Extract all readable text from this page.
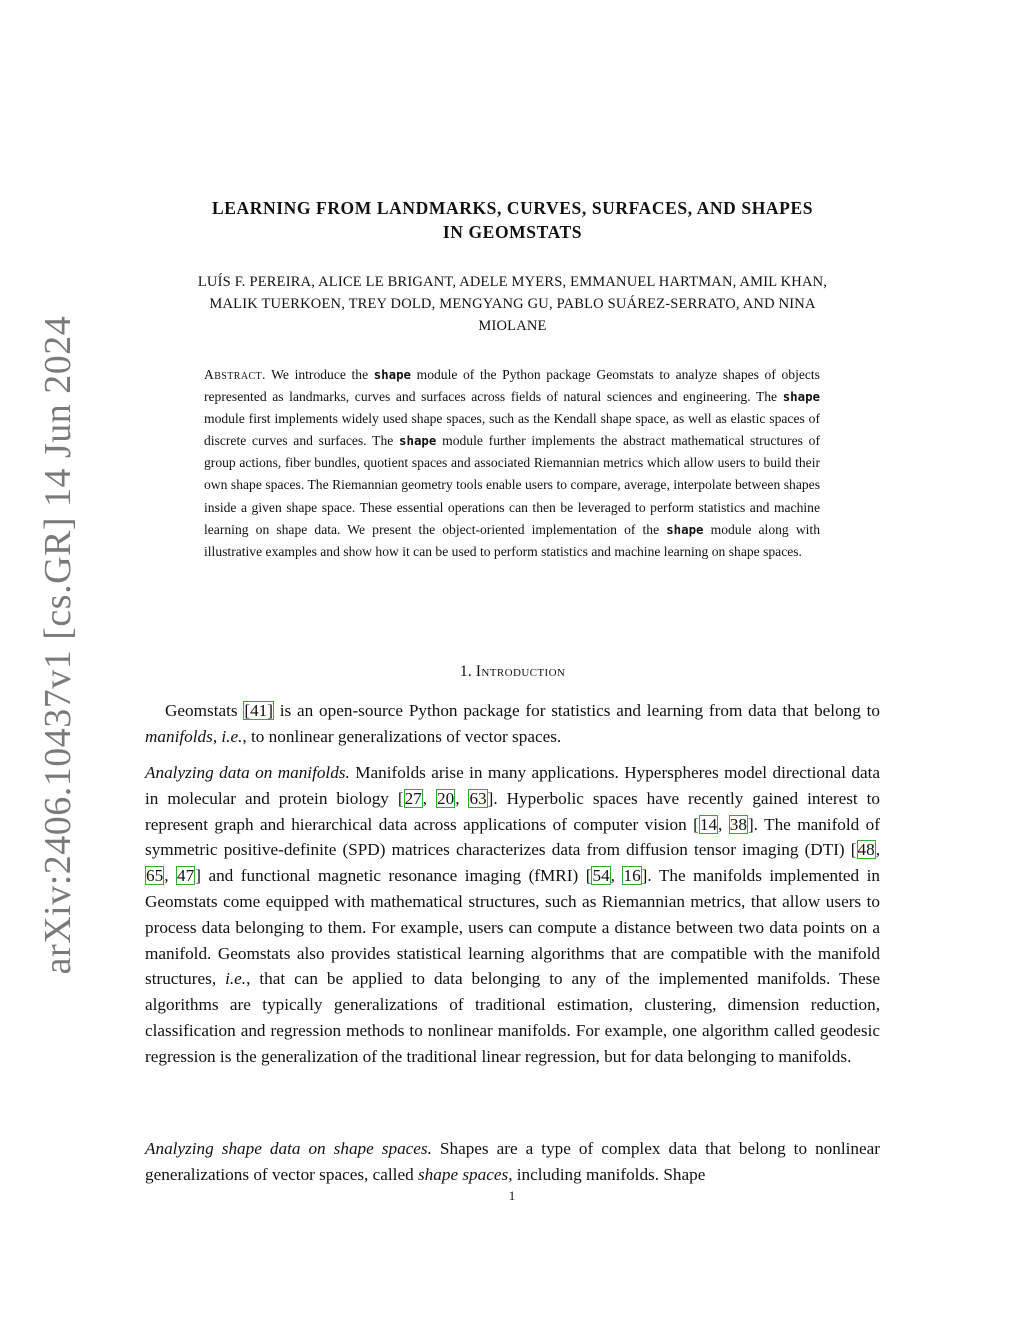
arXiv:2406.10437v1 [cs.GR] 14 Jun 2024
LEARNING FROM LANDMARKS, CURVES, SURFACES, AND SHAPES
IN GEOMSTATS
LUÍS F. PEREIRA, ALICE LE BRIGANT, ADELE MYERS, EMMANUEL HARTMAN, AMIL KHAN,
MALIK TUERKOEN, TREY DOLD, MENGYANG GU, PABLO SUÁREZ-SERRATO, AND NINA
MIOLANE
Abstract. We introduce the shape module of the Python package Geomstats to analyze shapes of objects represented as landmarks, curves and surfaces across fields of natural sciences and engineering. The shape module first implements widely used shape spaces, such as the Kendall shape space, as well as elastic spaces of discrete curves and surfaces. The shape module further implements the abstract mathematical structures of group actions, fiber bundles, quotient spaces and associated Riemannian metrics which allow users to build their own shape spaces. The Riemannian geometry tools enable users to compare, average, interpolate between shapes inside a given shape space. These essential operations can then be leveraged to perform statistics and machine learning on shape data. We present the object-oriented implementation of the shape module along with illustrative examples and show how it can be used to perform statistics and machine learning on shape spaces.
1. Introduction
Geomstats [41] is an open-source Python package for statistics and learning from data that belong to manifolds, i.e., to nonlinear generalizations of vector spaces.
Analyzing data on manifolds. Manifolds arise in many applications. Hyperspheres model directional data in molecular and protein biology [27, 20, 63]. Hyperbolic spaces have recently gained interest to represent graph and hierarchical data across applications of computer vision [14, 38]. The manifold of symmetric positive-definite (SPD) matrices characterizes data from diffusion tensor imaging (DTI) [48, 65, 47] and functional magnetic resonance imaging (fMRI) [54, 16]. The manifolds implemented in Geomstats come equipped with mathematical structures, such as Riemannian metrics, that allow users to process data belonging to them. For example, users can compute a distance between two data points on a manifold. Geomstats also provides statistical learning algorithms that are compatible with the manifold structures, i.e., that can be applied to data belonging to any of the implemented manifolds. These algorithms are typically generalizations of traditional estimation, clustering, dimension reduction, classification and regression methods to nonlinear manifolds. For example, one algorithm called geodesic regression is the generalization of the traditional linear regression, but for data belonging to manifolds.
Analyzing shape data on shape spaces. Shapes are a type of complex data that belong to nonlinear generalizations of vector spaces, called shape spaces, including manifolds. Shape
1
